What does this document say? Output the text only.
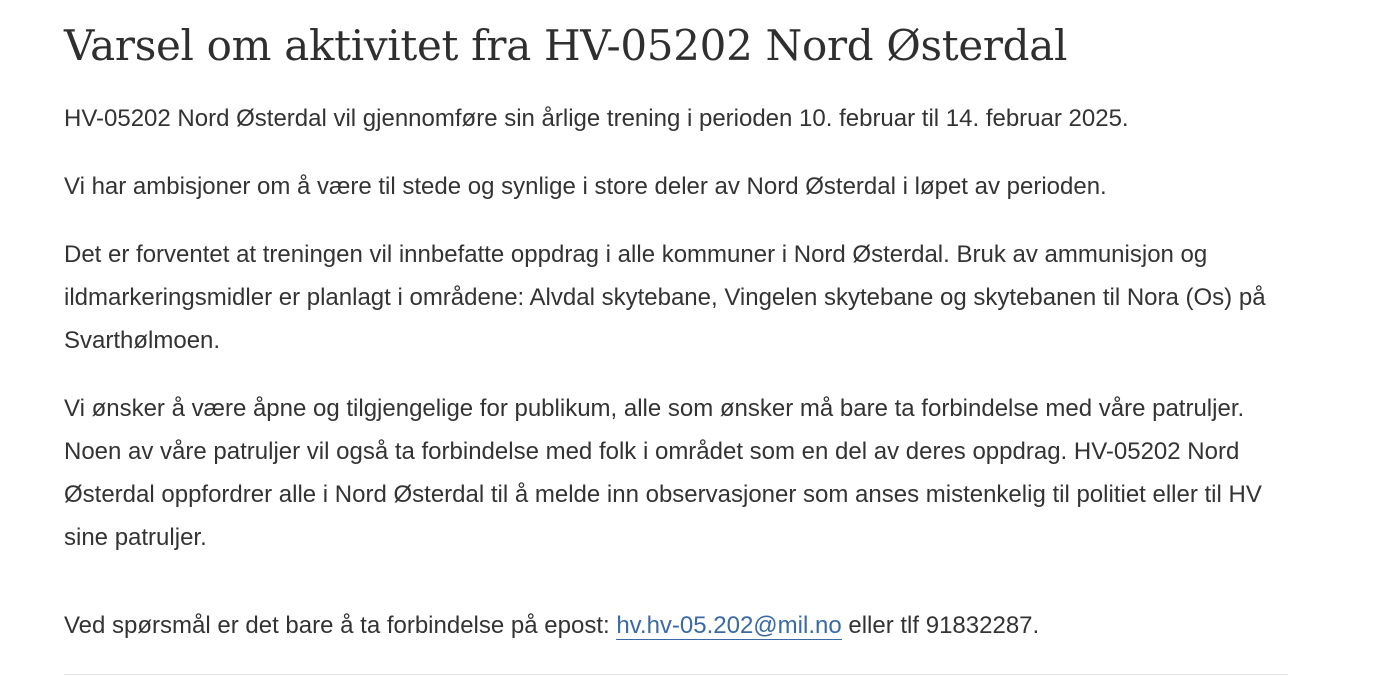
Varsel om aktivitet fra HV-05202 Nord Østerdal

HV-05202 Nord Østerdal vil gjennomføre sin årlige trening i perioden 10. februar til 14. februar 2025.

Vi har ambisjoner om å være til stede og synlige i store deler av Nord Østerdal i løpet av perioden.

Det er forventet at treningen vil innbefatte oppdrag i alle kommuner i Nord Østerdal. Bruk av ammunisjon og ildmarkeringsmidler er planlagt i områdene: Alvdal skytebane, Vingelen skytebane og skytebanen til Nora (Os) på Svarthølmoen.

Vi ønsker å være åpne og tilgjengelige for publikum, alle som ønsker må bare ta forbindelse med våre patruljer. Noen av våre patruljer vil også ta forbindelse med folk i området som en del av deres oppdrag. HV-05202 Nord Østerdal oppfordrer alle i Nord Østerdal til å melde inn observasjoner som anses mistenkelig til politiet eller til HV sine patruljer.

Ved spørsmål er det bare å ta forbindelse på epost: hv.hv-05.202@mil.no eller tlf 91832287.
